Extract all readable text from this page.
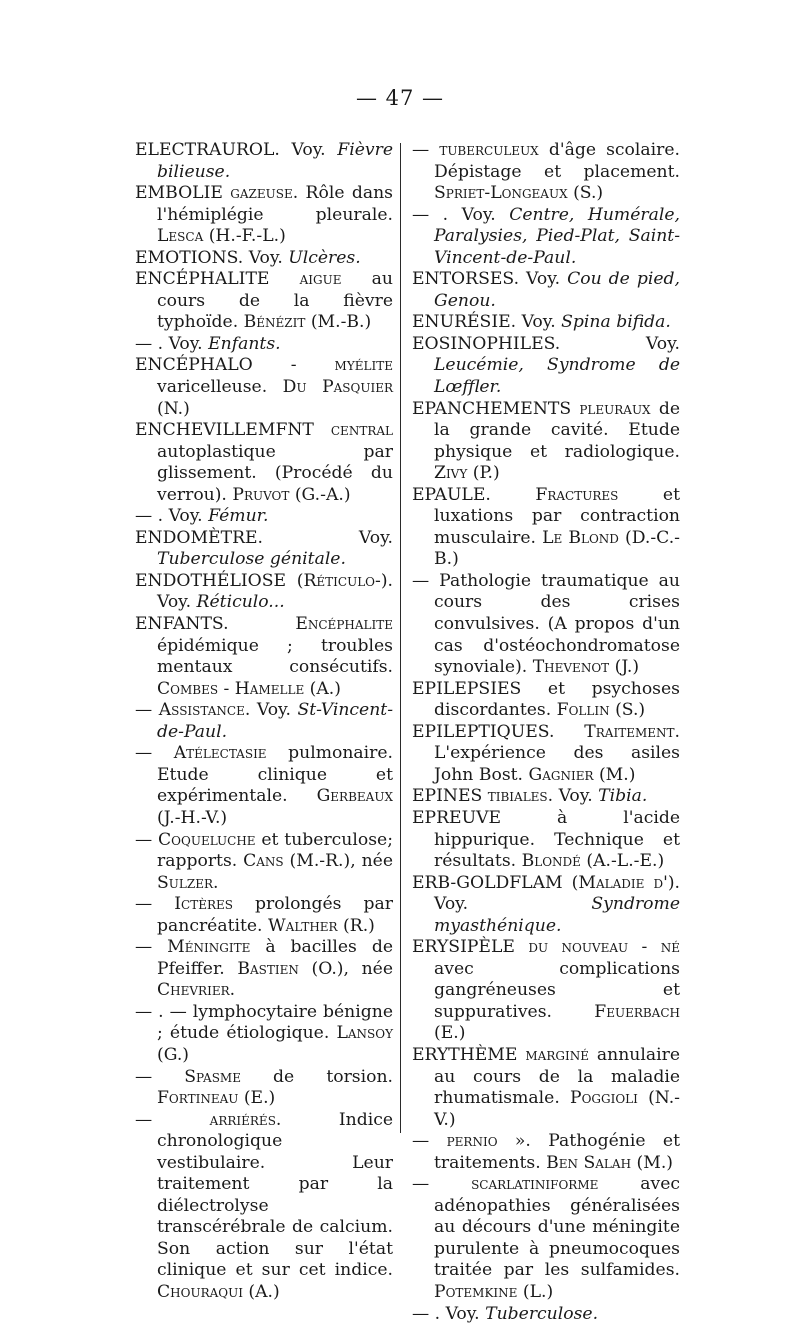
— 47 —

ELECTRAUROL. Voy. Fièvre bilieuse.

EMBOLIE gazeuse. Rôle dans l'hémiplégie pleurale. Lesca (H.-F.-L.)

EMOTIONS. Voy. Ulcères.

ENCÉPHALITE aigue au cours de la fièvre typhoïde. Bénézit (M.-B.)

— . Voy. Enfants.

ENCÉPHALO - myélite varicelleuse. Du Pasquier (N.)

ENCHEVILLEMFNT central autoplastique par glissement. (Procédé du verrou). Pruvot (G.-A.)

— . Voy. Fémur.

ENDOMÈTRE. Voy. Tuberculose génitale.

ENDOTHÉLIOSE (Réticulo-). Voy. Réticulo...

ENFANTS. Encéphalite épidémique ; troubles mentaux consécutifs. Combes - Hamelle (A.)

— Assistance. Voy. St-Vincent-de-Paul.

— Atélectasie pulmonaire. Etude clinique et expérimentale. Gerbeaux (J.-H.-V.)

— Coqueluche et tuberculose; rapports. Cans (M.-R.), née Sulzer.

— Ictères prolongés par pancréatite. Walther (R.)

— Méningite à bacilles de Pfeiffer. Bastien (O.), née Chevrier.

— . — lymphocytaire bénigne ; étude étiologique. Lansoy (G.)

— Spasme de torsion. Fortineau (E.)

— arriérés. Indice chronologique vestibulaire. Leur traitement par la diélectrolyse transcérébrale de calcium. Son action sur l'état clinique et sur cet indice. Chouraqui (A.)

— tuberculeux d'âge scolaire. Dépistage et placement. Spriet-Longeaux (S.)

— . Voy. Centre, Humérale, Paralysies, Pied-Plat, Saint-Vincent-de-Paul.

ENTORSES. Voy. Cou de pied, Genou.

ENURÉSIE. Voy. Spina bifida.

EOSINOPHILES. Voy. Leucémie, Syndrome de Lœffler.

EPANCHEMENTS pleuraux de la grande cavité. Etude physique et radiologique. Zivy (P.)

EPAULE. Fractures et luxations par contraction musculaire. Le Blond (D.-C.-B.)

— Pathologie traumatique au cours des crises convulsives. (A propos d'un cas d'ostéochondromatose synoviale). Thevenot (J.)

EPILEPSIES et psychoses discordantes. Follin (S.)

EPILEPTIQUES. Traitement. L'expérience des asiles John Bost. Gagnier (M.)

EPINES tibiales. Voy. Tibia.

EPREUVE à l'acide hippurique. Technique et résultats. Blondé (A.-L.-E.)

ERB-GOLDFLAM (Maladie d'). Voy. Syndrome myasthénique.

ERYSIPÈLE du nouveau - né avec complications gangréneuses et suppuratives. Feuerbach (E.)

ERYTHÈME marginé annulaire au cours de la maladie rhumatismale. Poggioli (N.-V.)

— pernio ». Pathogénie et traitements. Ben Salah (M.)

— scarlatiniforme avec adénopathies généralisées au décours d'une méningite purulente à pneumocoques traitée par les sulfamides. Potemkine (L.)

— . Voy. Tuberculose.
